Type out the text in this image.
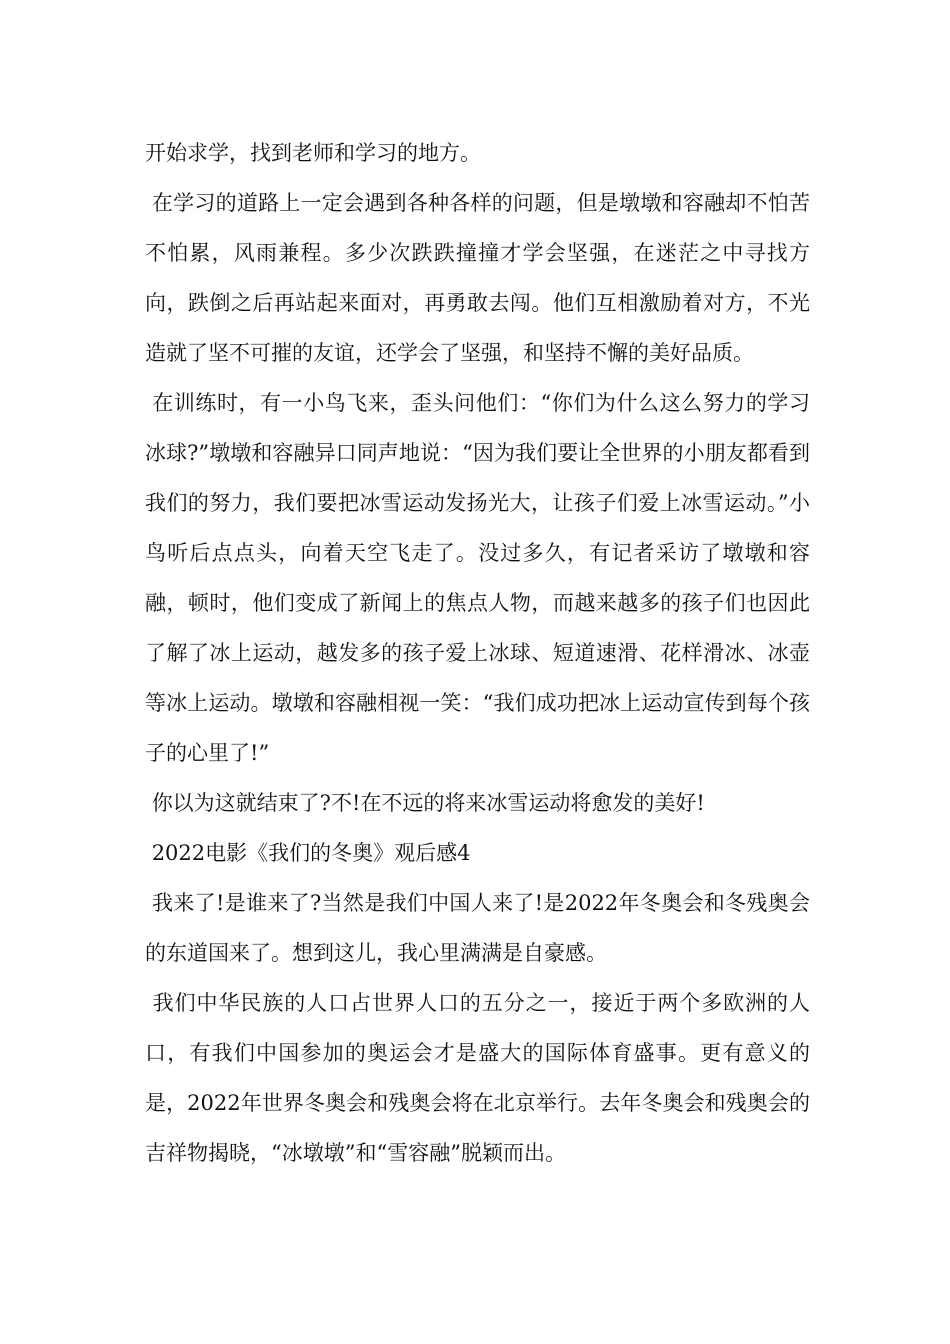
开始求学，找到老师和学习的地方。

在学习的道路上一定会遇到各种各样的问题，但是墩墩和容融却不怕苦不怕累，风雨兼程。多少次跌跌撞撞才学会坚强，在迷茫之中寻找方向，跌倒之后再站起来面对，再勇敢去闯。他们互相激励着对方，不光造就了坚不可摧的友谊，还学会了坚强，和坚持不懈的美好品质。

在训练时，有一小鸟飞来，歪头问他们：“你们为什么这么努力的学习冰球?”墩墩和容融异口同声地说：“因为我们要让全世界的小朋友都看到我们的努力，我们要把冰雪运动发扬光大，让孩子们爱上冰雪运动。”小鸟听后点点头，向着天空飞走了。没过多久，有记者采访了墩墩和容融，顿时，他们变成了新闻上的焦点人物，而越来越多的孩子们也因此了解了冰上运动，越发多的孩子爱上冰球、短道速滑、花样滑冰、冰壶等冰上运动。墩墩和容融相视一笑：“我们成功把冰上运动宣传到每个孩子的心里了!”

你以为这就结束了?不!在不远的将来冰雪运动将愈发的美好!

2022电影《我们的冬奥》观后感4

我来了!是谁来了?当然是我们中国人来了!是2022年冬奥会和冬残奥会的东道国来了。想到这儿，我心里满满是自豪感。

我们中华民族的人口占世界人口的五分之一，接近于两个多欧洲的人口，有我们中国参加的奥运会才是盛大的国际体育盛事。更有意义的是，2022年世界冬奥会和残奥会将在北京举行。去年冬奥会和残奥会的吉祥物揭晓，“冰墩墩”和“雪容融”脱颖而出。
